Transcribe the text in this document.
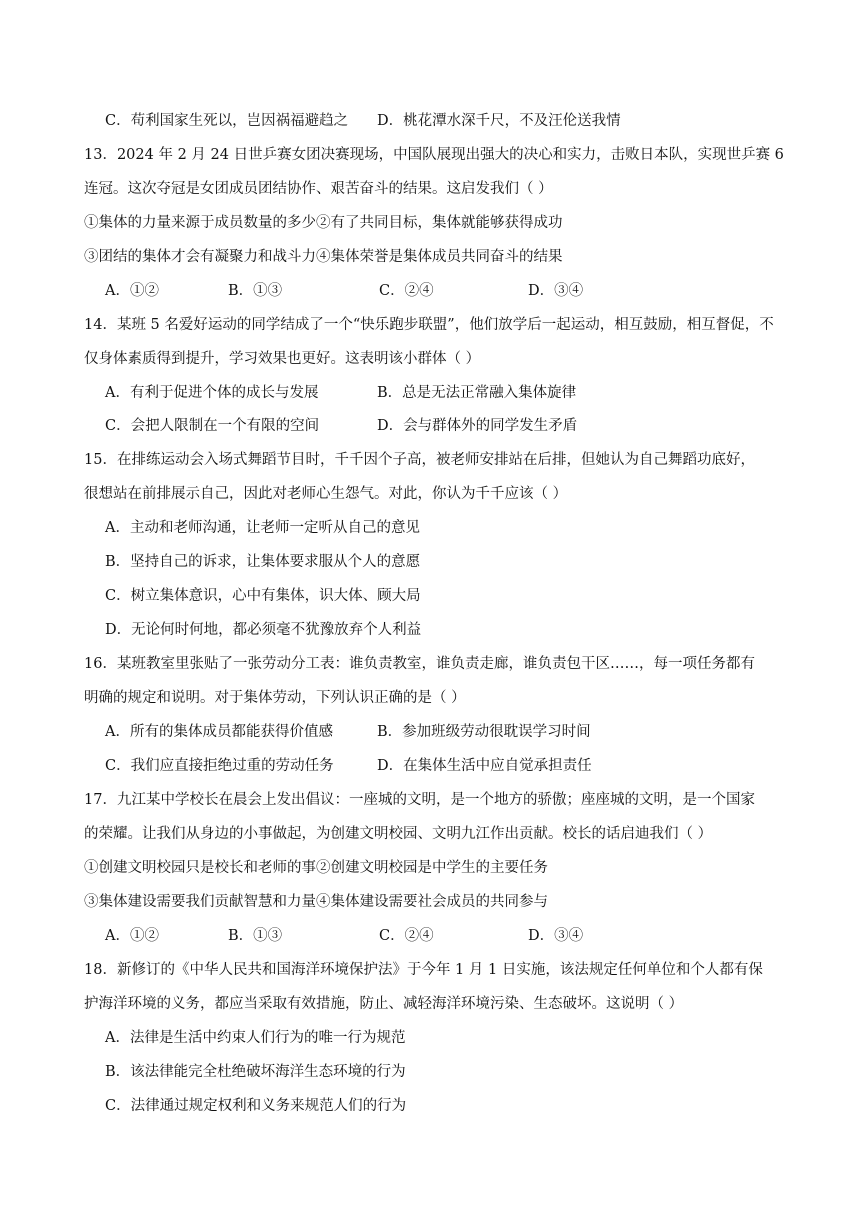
C．苟利国家生死以，岂因祸福避趋之 D．桃花潭水深千尺，不及汪伦送我情
13．2024 年 2 月 24 日世乒赛女团决赛现场，中国队展现出强大的决心和实力，击败日本队，实现世乒赛 6
连冠。这次夺冠是女团成员团结协作、艰苦奋斗的结果。这启发我们（ ）
①集体的力量来源于成员数量的多少②有了共同目标，集体就能够获得成功
③团结的集体才会有凝聚力和战斗力④集体荣誉是集体成员共同奋斗的结果
A．①②	B．①③	C．②④	D．③④
14．某班 5 名爱好运动的同学结成了一个“快乐跑步联盟”，他们放学后一起运动，相互鼓励，相互督促，不
仅身体素质得到提升，学习效果也更好。这表明该小群体（ ）
A．有利于促进个体的成长与发展	B．总是无法正常融入集体旋律
C．会把人限制在一个有限的空间	D．会与群体外的同学发生矛盾
15．在排练运动会入场式舞蹈节目时，千千因个子高，被老师安排站在后排，但她认为自己舞蹈功底好，
很想站在前排展示自己，因此对老师心生怨气。对此，你认为千千应该（ ）
A．主动和老师沟通，让老师一定听从自己的意见
B．坚持自己的诉求，让集体要求服从个人的意愿
C．树立集体意识，心中有集体，识大体、顾大局
D．无论何时何地，都必须毫不犹豫放弃个人利益
16．某班教室里张贴了一张劳动分工表：谁负责教室，谁负责走廊，谁负责包干区……，每一项任务都有
明确的规定和说明。对于集体劳动，下列认识正确的是（ ）
A．所有的集体成员都能获得价值感	B．参加班级劳动很耽误学习时间
C．我们应直接拒绝过重的劳动任务	D．在集体生活中应自觉承担责任
17．九江某中学校长在晨会上发出倡议：一座城的文明，是一个地方的骄傲；座座城的文明，是一个国家
的荣耀。让我们从身边的小事做起，为创建文明校园、文明九江作出贡献。校长的话启迪我们（ ）
①创建文明校园只是校长和老师的事②创建文明校园是中学生的主要任务
③集体建设需要我们贡献智慧和力量④集体建设需要社会成员的共同参与
A．①②	B．①③	C．②④	D．③④
18．新修订的《中华人民共和国海洋环境保护法》于今年 1 月 1 日实施，该法规定任何单位和个人都有保
护海洋环境的义务，都应当采取有效措施，防止、减轻海洋环境污染、生态破坏。这说明（ ）
A．法律是生活中约束人们行为的唯一行为规范
B．该法律能完全杜绝破坏海洋生态环境的行为
C．法律通过规定权利和义务来规范人们的行为
